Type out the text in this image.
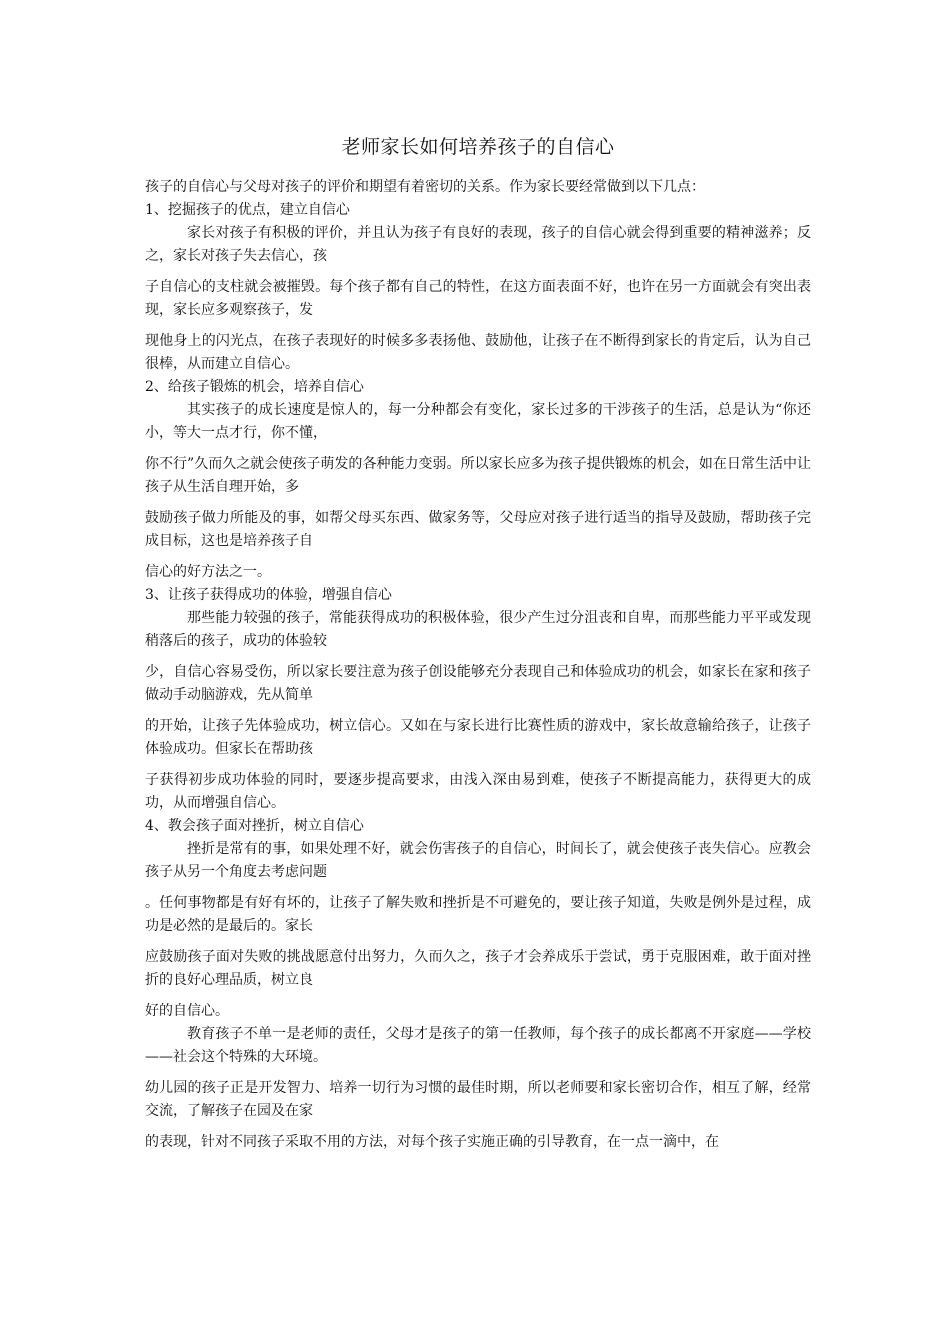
老师家长如何培养孩子的自信心

孩子的自信心与父母对孩子的评价和期望有着密切的关系。作为家长要经常做到以下几点：

1、挖掘孩子的优点，建立自信心

家长对孩子有积极的评价，并且认为孩子有良好的表现，孩子的自信心就会得到重要的精神滋养；反之，家长对孩子失去信心，孩

子自信心的支柱就会被摧毁。每个孩子都有自己的特性，在这方面表面不好，也许在另一方面就会有突出表现，家长应多观察孩子，发

现他身上的闪光点，在孩子表现好的时候多多表扬他、鼓励他，让孩子在不断得到家长的肯定后，认为自己很棒，从而建立自信心。

2、给孩子锻炼的机会，培养自信心

其实孩子的成长速度是惊人的，每一分种都会有变化，家长过多的干涉孩子的生活，总是认为“你还小，等大一点才行，你不懂，

你不行”久而久之就会使孩子萌发的各种能力变弱。所以家长应多为孩子提供锻炼的机会，如在日常生活中让孩子从生活自理开始，多

鼓励孩子做力所能及的事，如帮父母买东西、做家务等，父母应对孩子进行适当的指导及鼓励，帮助孩子完成目标，这也是培养孩子自

信心的好方法之一。

3、让孩子获得成功的体验，增强自信心

那些能力较强的孩子，常能获得成功的积极体验，很少产生过分沮丧和自卑，而那些能力平平或发现稍落后的孩子，成功的体验较

少，自信心容易受伤，所以家长要注意为孩子创设能够充分表现自己和体验成功的机会，如家长在家和孩子做动手动脑游戏，先从简单

的开始，让孩子先体验成功，树立信心。又如在与家长进行比赛性质的游戏中，家长故意输给孩子，让孩子体验成功。但家长在帮助孩

子获得初步成功体验的同时，要逐步提高要求，由浅入深由易到难，使孩子不断提高能力，获得更大的成功，从而增强自信心。

4、教会孩子面对挫折，树立自信心

挫折是常有的事，如果处理不好，就会伤害孩子的自信心，时间长了，就会使孩子丧失信心。应教会孩子从另一个角度去考虑问题

。任何事物都是有好有坏的，让孩子了解失败和挫折是不可避免的，要让孩子知道，失败是例外是过程，成功是必然的是最后的。家长

应鼓励孩子面对失败的挑战愿意付出努力，久而久之，孩子才会养成乐于尝试，勇于克服困难，敢于面对挫折的良好心理品质，树立良

好的自信心。

教育孩子不单一是老师的责任，父母才是孩子的第一任教师，每个孩子的成长都离不开家庭——学校——社会这个特殊的大环境。

幼儿园的孩子正是开发智力、培养一切行为习惯的最佳时期，所以老师要和家长密切合作，相互了解，经常交流，了解孩子在园及在家

的表现，针对不同孩子采取不用的方法，对每个孩子实施正确的引导教育，在一点一滴中，在
